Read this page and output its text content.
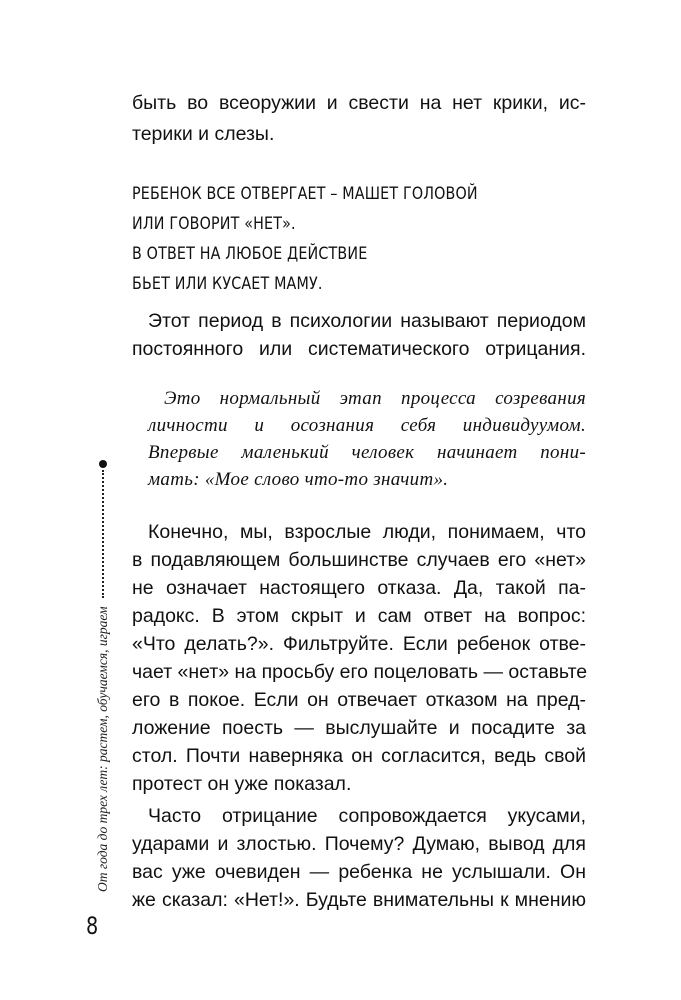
быть во всеоружии и свести на нет крики, ис-
терики и слезы.
РЕБЕНОК ВСЕ ОТВЕРГАЕТ – МАШЕТ ГОЛОВОЙ
ИЛИ ГОВОРИТ «НЕТ».
В ОТВЕТ НА ЛЮБОЕ ДЕЙСТВИЕ
БЬЕТ ИЛИ КУСАЕТ МАМУ.
Этот период в психологии называют периодом
постоянного или систематического отрицания.
Это нормальный этап процесса созревания
личности и осознания себя индивидуумом.
Впервые маленький человек начинает пони-
мать: «Мое слово что-то значит».
Конечно, мы, взрослые люди, понимаем, что
в подавляющем большинстве случаев его «нет»
не означает настоящего отказа. Да, такой па-
радокс. В этом скрыт и сам ответ на вопрос:
«Что делать?». Фильтруйте. Если ребенок отве-
чает «нет» на просьбу его поцеловать — оставьте
его в покое. Если он отвечает отказом на пред-
ложение поесть — выслушайте и посадите за
стол. Почти наверняка он согласится, ведь свой
протест он уже показал.
Часто отрицание сопровождается укусами,
ударами и злостью. Почему? Думаю, вывод для
вас уже очевиден — ребенка не услышали. Он
же сказал: «Нет!». Будьте внимательны к мнению
От года до трех лет: растем, обучаемся, играем
8
